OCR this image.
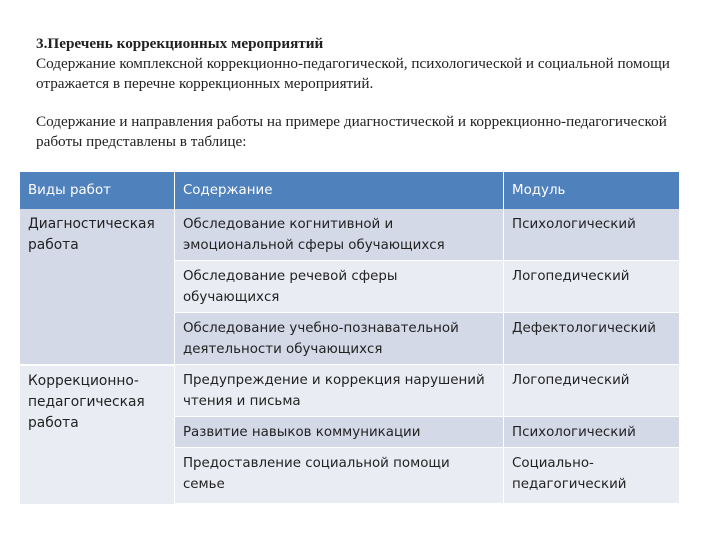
3.Перечень коррекционных мероприятий
Содержание комплексной коррекционно-педагогической, психологической и социальной помощи отражается в перечне коррекционных мероприятий.
Содержание и направления работы на примере диагностической и коррекционно-педагогической работы представлены в таблице:
Виды работ	Содержание	Модуль
Диагностическая работа	Обследование когнитивной и эмоциональной сферы обучающихся	Психологический
	Обследование речевой сферы обучающихся	Логопедический
	Обследование учебно-познавательной деятельности обучающихся	Дефектологический
Коррекционно-педагогическая работа	Предупреждение и коррекция нарушений чтения и письма	Логопедический
	Развитие навыков коммуникации	Психологический
	Предоставление социальной помощи семье	Социально-педагогический
